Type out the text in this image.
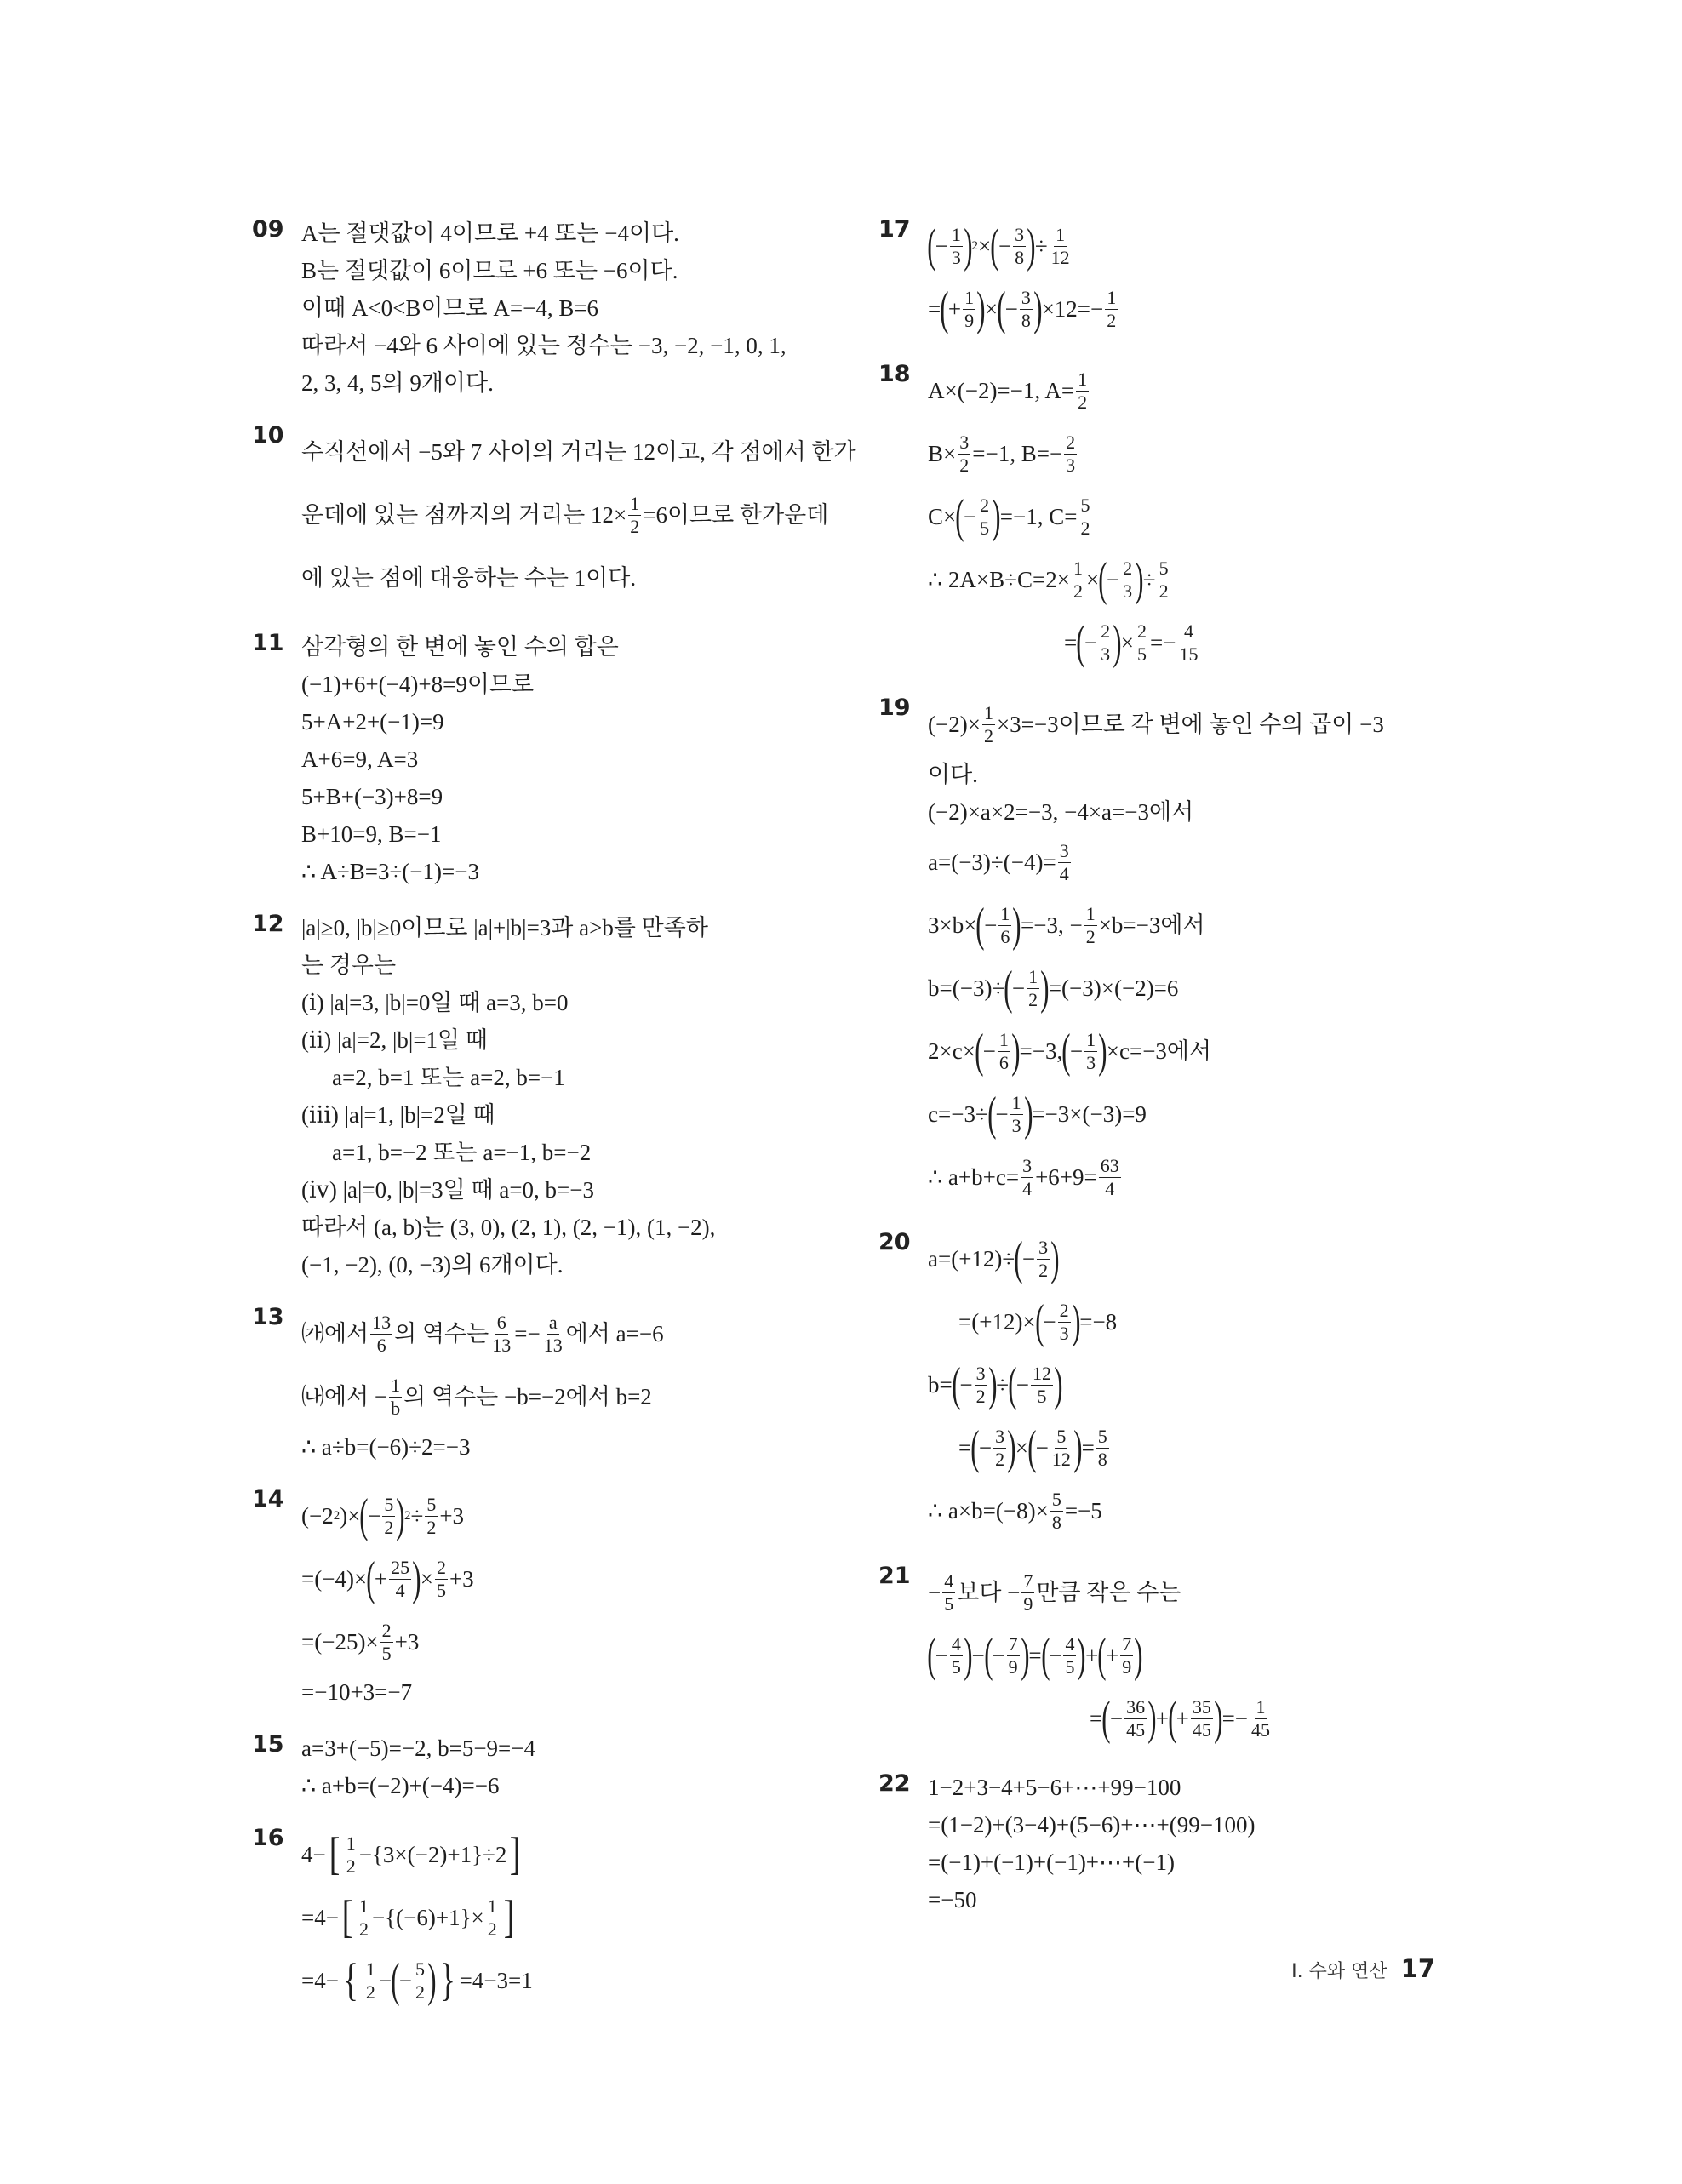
09 A는 절댓값이 4이므로 +4 또는 −4이다.
B는 절댓값이 6이므로 +6 또는 −6이다.
이때 A<0<B이므로 A=−4, B=6
따라서 −4와 6 사이에 있는 정수는 −3, −2, −1, 0, 1,
2, 3, 4, 5의 9개이다.
10
수직선에서 −5와 7 사이의 거리는 12이고, 각 점에서 한가
운데에 있는 점까지의 거리는 $12\times \frac{1}{2} =6$이므로 한가운데
에 있는 점에 대응하는 수는 1이다.
11 삼각형의 한 변에 놓인 수의 합은
(−1)+6+(−4)+8=9이므로
5+A+2+(−1)=9
A+6=9, A=3
5+B+(−3)+8=9
B+10=9, B=−1
∴ A÷B=3÷(−1)=−3
12 |a|≥0, |b|≥0이므로 |a|+|b|=3과 a>b를 만족하
는 경우는
(ⅰ) |a|=3, |b|=0일 때 a=3, b=0
(ⅱ) |a|=2, |b|=1일 때
a=2, b=1 또는 a=2, b=−1
(ⅲ) |a|=1, |b|=2일 때
a=1, b=−2 또는 a=−1, b=−2
(ⅳ) |a|=0, |b|=3일 때 a=0, b=−3
따라서 (a, b)는 (3, 0), (2, 1), (2, −1), (1, −2),
(−1, −2), (0, −3)의 6개이다.
13
㈎에서 13
6 의 역수는 $\frac{6}{13} =- \frac{a}{13}$ 에서 a=−6
㈏에서 − $\frac{1}{b}$ 의 역수는 −b=−2에서 b=2
∴ a÷b=(−6)÷2=−3
14
(−2 2 )× ( − $\frac{5}{2}$ ) $2 \div \frac{5}{2} +3$
=(−4)× ( + $\frac{25}{4}$ ) × $\frac{2}{5} +3$
$=(-25)\times \frac{2}{5} +3$
=−10+3=−7
15 a=3+(−5)=−2, b=5−9=−4
∴ a+b=(−2)+(−4)=−6
16
4− [ 1
2 −{3×(−2)+1}÷2 ]
=4− [ 1
$2 -\{(-6)+1\}\times \frac{1}{2}$ ]
=4− { 1
2 − ( − $\frac{5}{2}$ ) } =4−3=1
17 ( − $\frac{1}{3}$ ) 2 × ( − $\frac{3}{8}$ ) ÷ $\frac{1}{12}$
= ( + $\frac{1}{9}$ ) × ( − $\frac{3}{8}$ ) $\times 12=- \frac{1}{2}$
18
A×(−2)=−1, $A= \frac{1}{2}$
$B\times \frac{3}{2} =-1$, $B=- \frac{2}{3}$
C× ( − $\frac{2}{5}$ ) =−1, $C= \frac{5}{2}$
∴ $2A\times B\div C=2\times \frac{1}{2}$ × ( − $\frac{2}{3}$ ) ÷ $\frac{5}{2}$
= ( − $\frac{2}{3}$ ) × $\frac{2}{5} =- \frac{4}{15}$
19
$(-2)\times \frac{1}{2} \times 3=-3$이므로 각 변에 놓인 수의 곱이 −3
이다.
(−2)×a×2=−3, −4×a=−3에서
$a=(-3)\div(-4)= \frac{3}{4}$
3×b× ( − $\frac{1}{6}$ ) =−3, − $\frac{1}{2} \times b=-3$에서
b=(−3)÷ ( − $\frac{1}{2}$ ) =(−3)×(−2)=6
2×c× ( − $\frac{1}{6}$ ) =−3, ( − $\frac{1}{3}$ ) ×c=−3에서
c=−3÷ ( − $\frac{1}{3}$ ) =−3×(−3)=9
∴ $a+b+c= \frac{3}{4} +6+9= \frac{63}{4}$
20
a=(+12)÷ ( − $\frac{3}{2}$ )
=(+12)× ( − $\frac{2}{3}$ ) =−8
b= ( − $\frac{3}{2}$ ) ÷ ( − $\frac{12}{5}$ )
= ( − $\frac{3}{2}$ ) × ( − $\frac{5}{12}$ ) = $\frac{5}{8}$
∴ $a\times b=(-8)\times \frac{5}{8} =-5$
21
− $\frac{4}{5}$ 보다 − $\frac{7}{9}$ 만큼 작은 수는
( − $\frac{4}{5}$ ) − ( − $\frac{7}{9}$ ) = ( − $\frac{4}{5}$ ) + ( + $\frac{7}{9}$ )
= ( − $\frac{36}{45}$ ) + ( + $\frac{35}{45}$ ) =− $\frac{1}{45}$
22 1−2+3−4+5−6+⋯+99−100
=(1−2)+(3−4)+(5−6)+⋯+(99−100)
=(−1)+(−1)+(−1)+⋯+(−1)
=−50
I. 수와 연산 17
